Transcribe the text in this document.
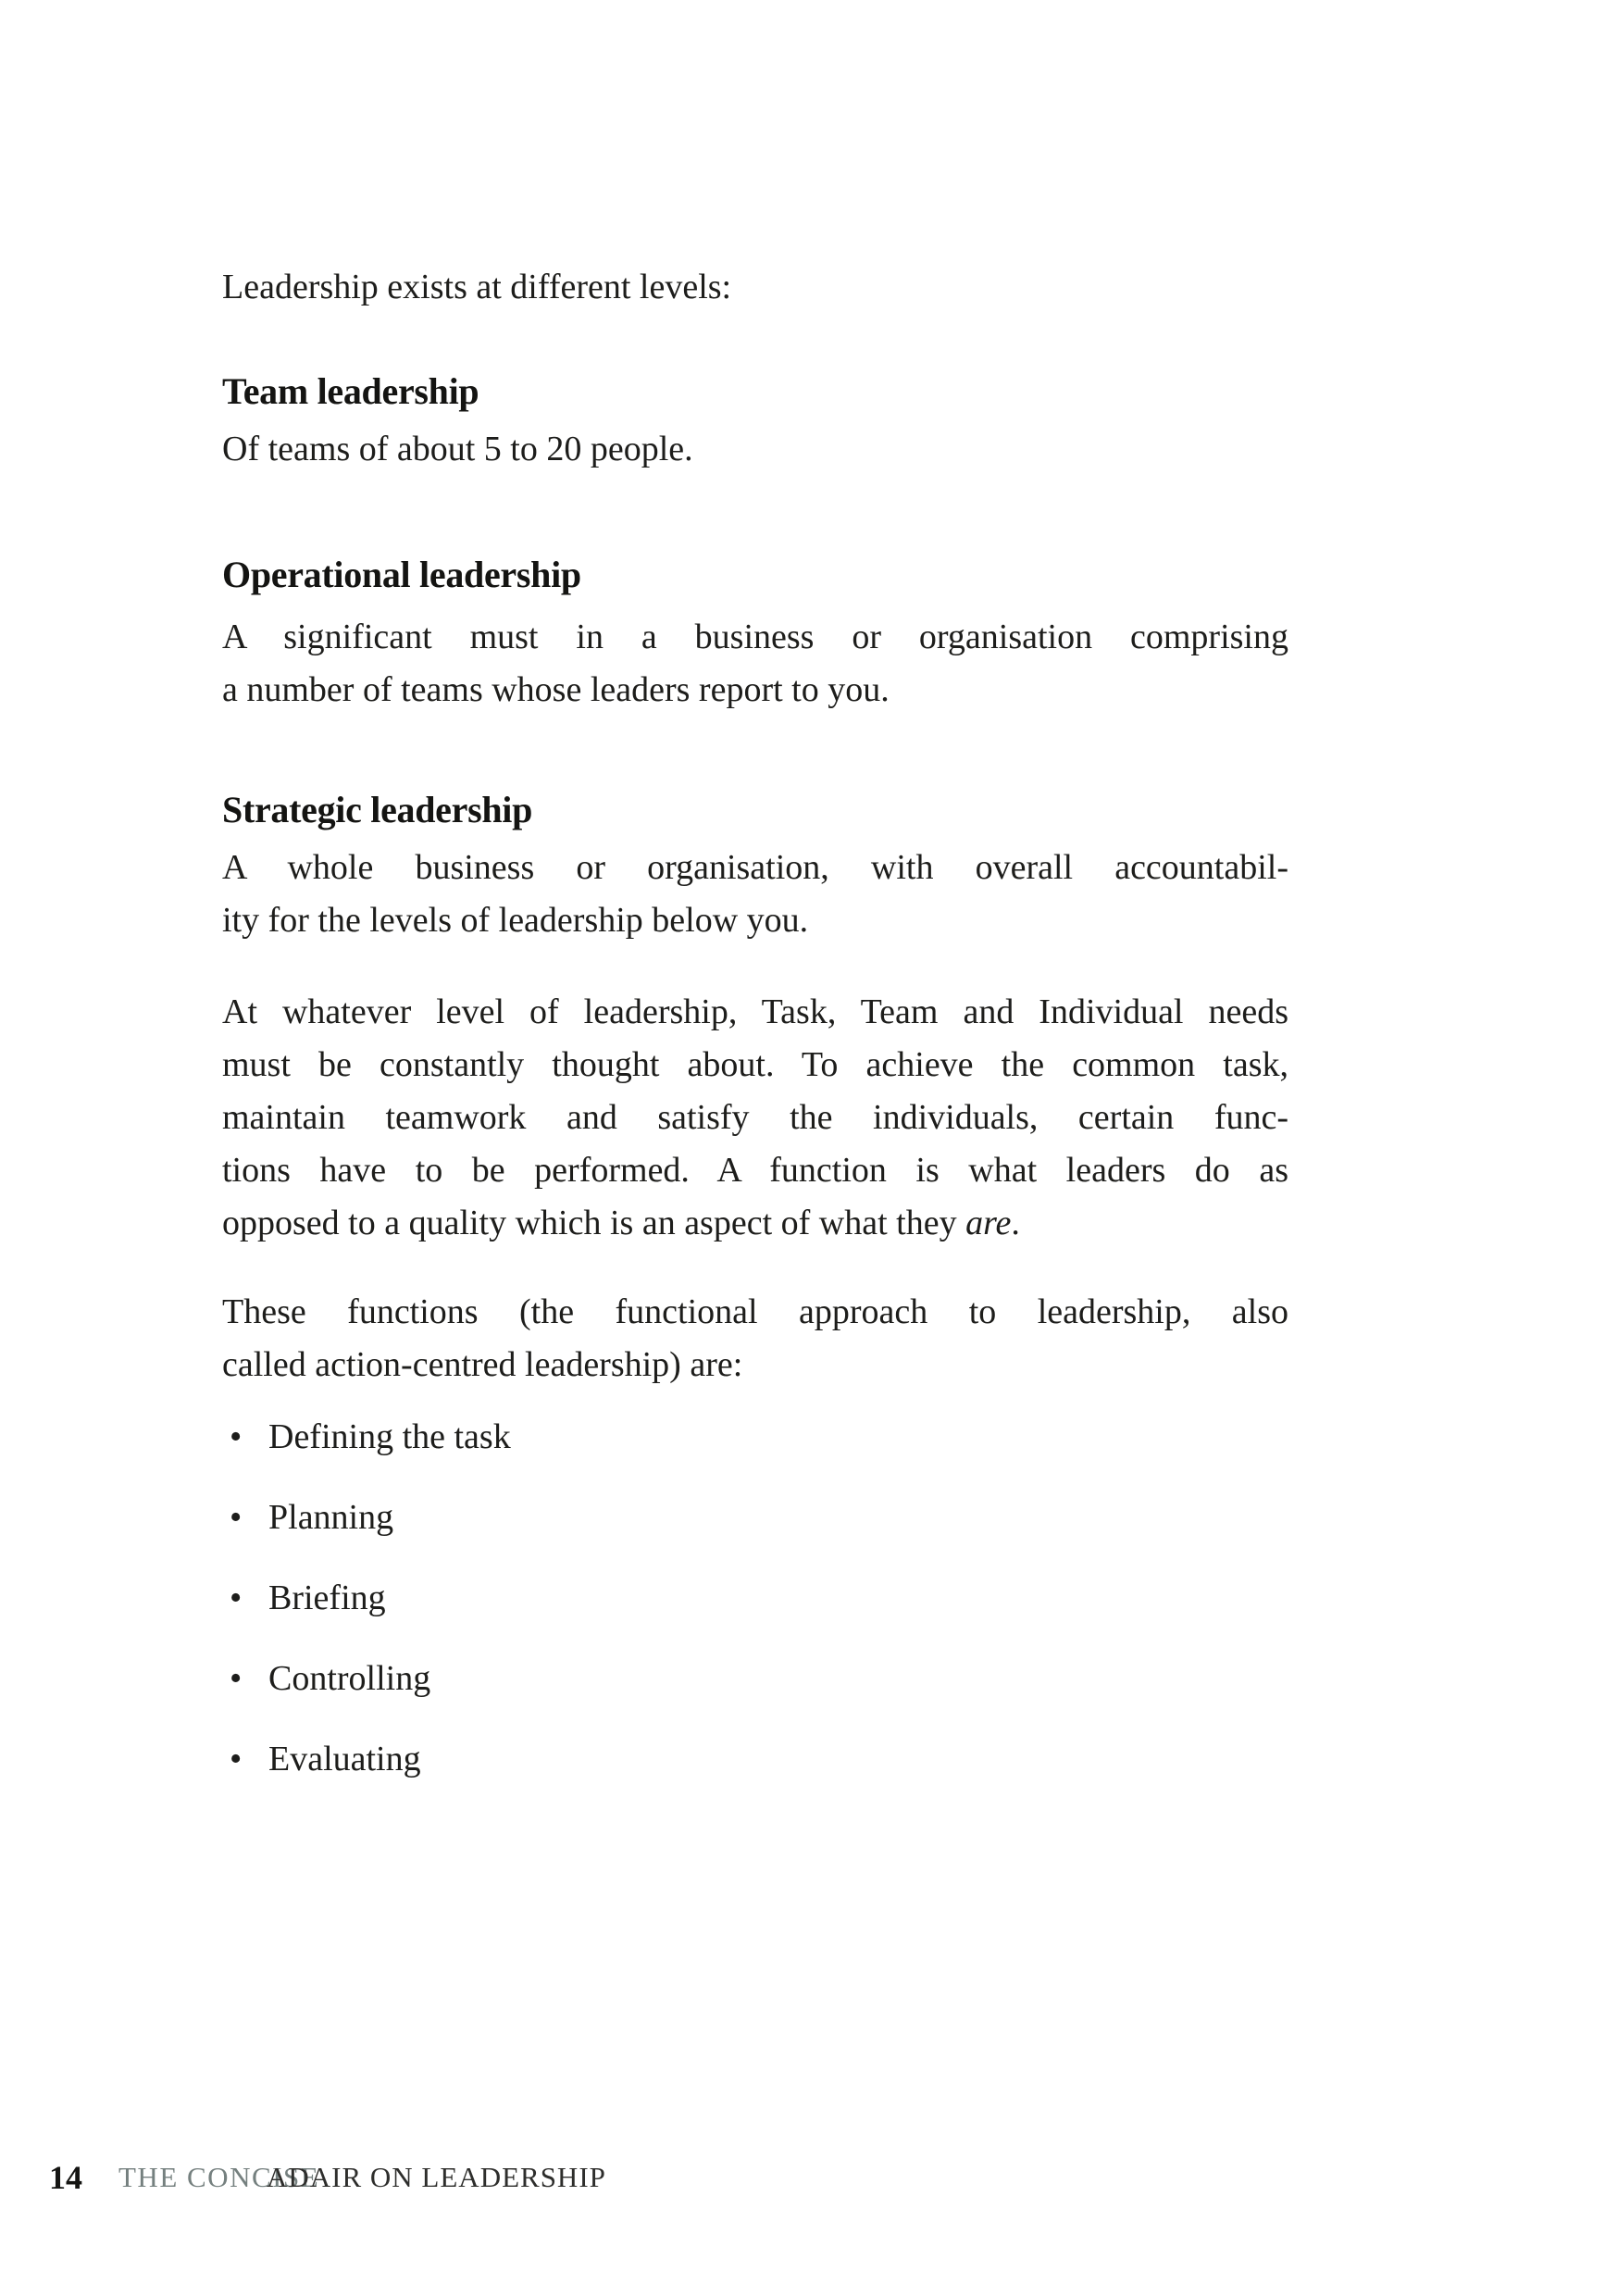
Leadership exists at different levels:
Team leadership
Of teams of about 5 to 20 people.
Operational leadership
A significant must in a business or organisation comprising
a number of teams whose leaders report to you.
Strategic leadership
A whole business or organisation, with overall accountabil-
ity for the levels of leadership below you.
At whatever level of leadership, Task, Team and Individual needs
must be constantly thought about. To achieve the common task,
maintain teamwork and satisfy the individuals, certain func-
tions have to be performed. A function is what leaders do as
opposed to a quality which is an aspect of what they are.
These functions (the functional approach to leadership, also
called action-centred leadership) are:
• Defining the task
• Planning
• Briefing
• Controlling
• Evaluating
14 THE CONCISE
ADAIR ON LEADERSHIP
